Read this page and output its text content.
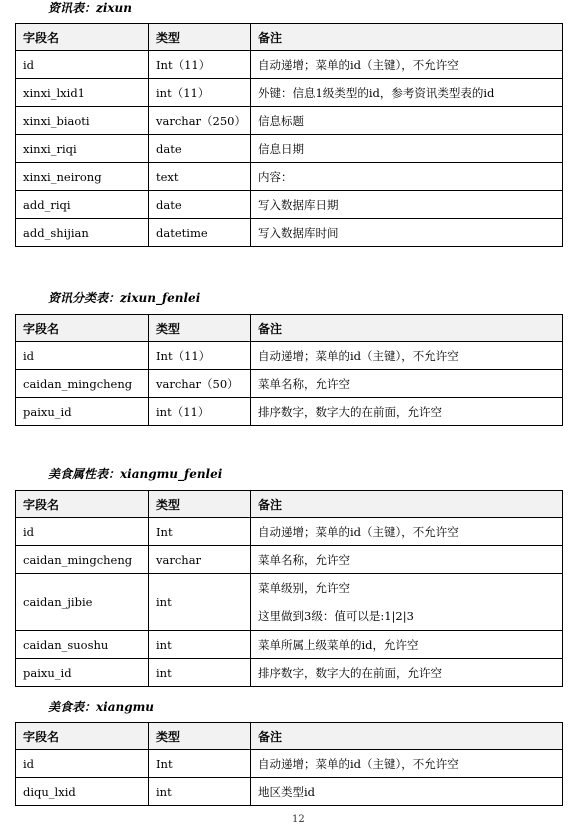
资讯表：zixun
字段名	类型	备注
id	Int（11）	自动递增；菜单的id（主键），不允许空
xinxi_lxid1	int（11）	外键：信息1级类型的id，参考资讯类型表的id
xinxi_biaoti	varchar（250）	信息标题
xinxi_riqi	date	信息日期
xinxi_neirong	text	内容：
add_riqi	date	写入数据库日期
add_shijian	datetime	写入数据库时间
资讯分类表：zixun_fenlei
字段名	类型	备注
id	Int（11）	自动递增；菜单的id（主键），不允许空
caidan_mingcheng	varchar（50）	菜单名称，允许空
paixu_id	int（11）	排序数字，数字大的在前面，允许空
美食属性表：xiangmu_fenlei
字段名	类型	备注
id	Int	自动递增；菜单的id（主键），不允许空
caidan_mingcheng	varchar	菜单名称，允许空
caidan_jibie	int	菜单级别，允许空
这里做到3级：值可以是:1|2|3

caidan_suoshu	int	菜单所属上级菜单的id，允许空
paixu_id	int	排序数字，数字大的在前面，允许空
美食表：xiangmu
字段名	类型	备注
id	Int	自动递增；菜单的id（主键），不允许空
diqu_lxid	int	地区类型id
12
